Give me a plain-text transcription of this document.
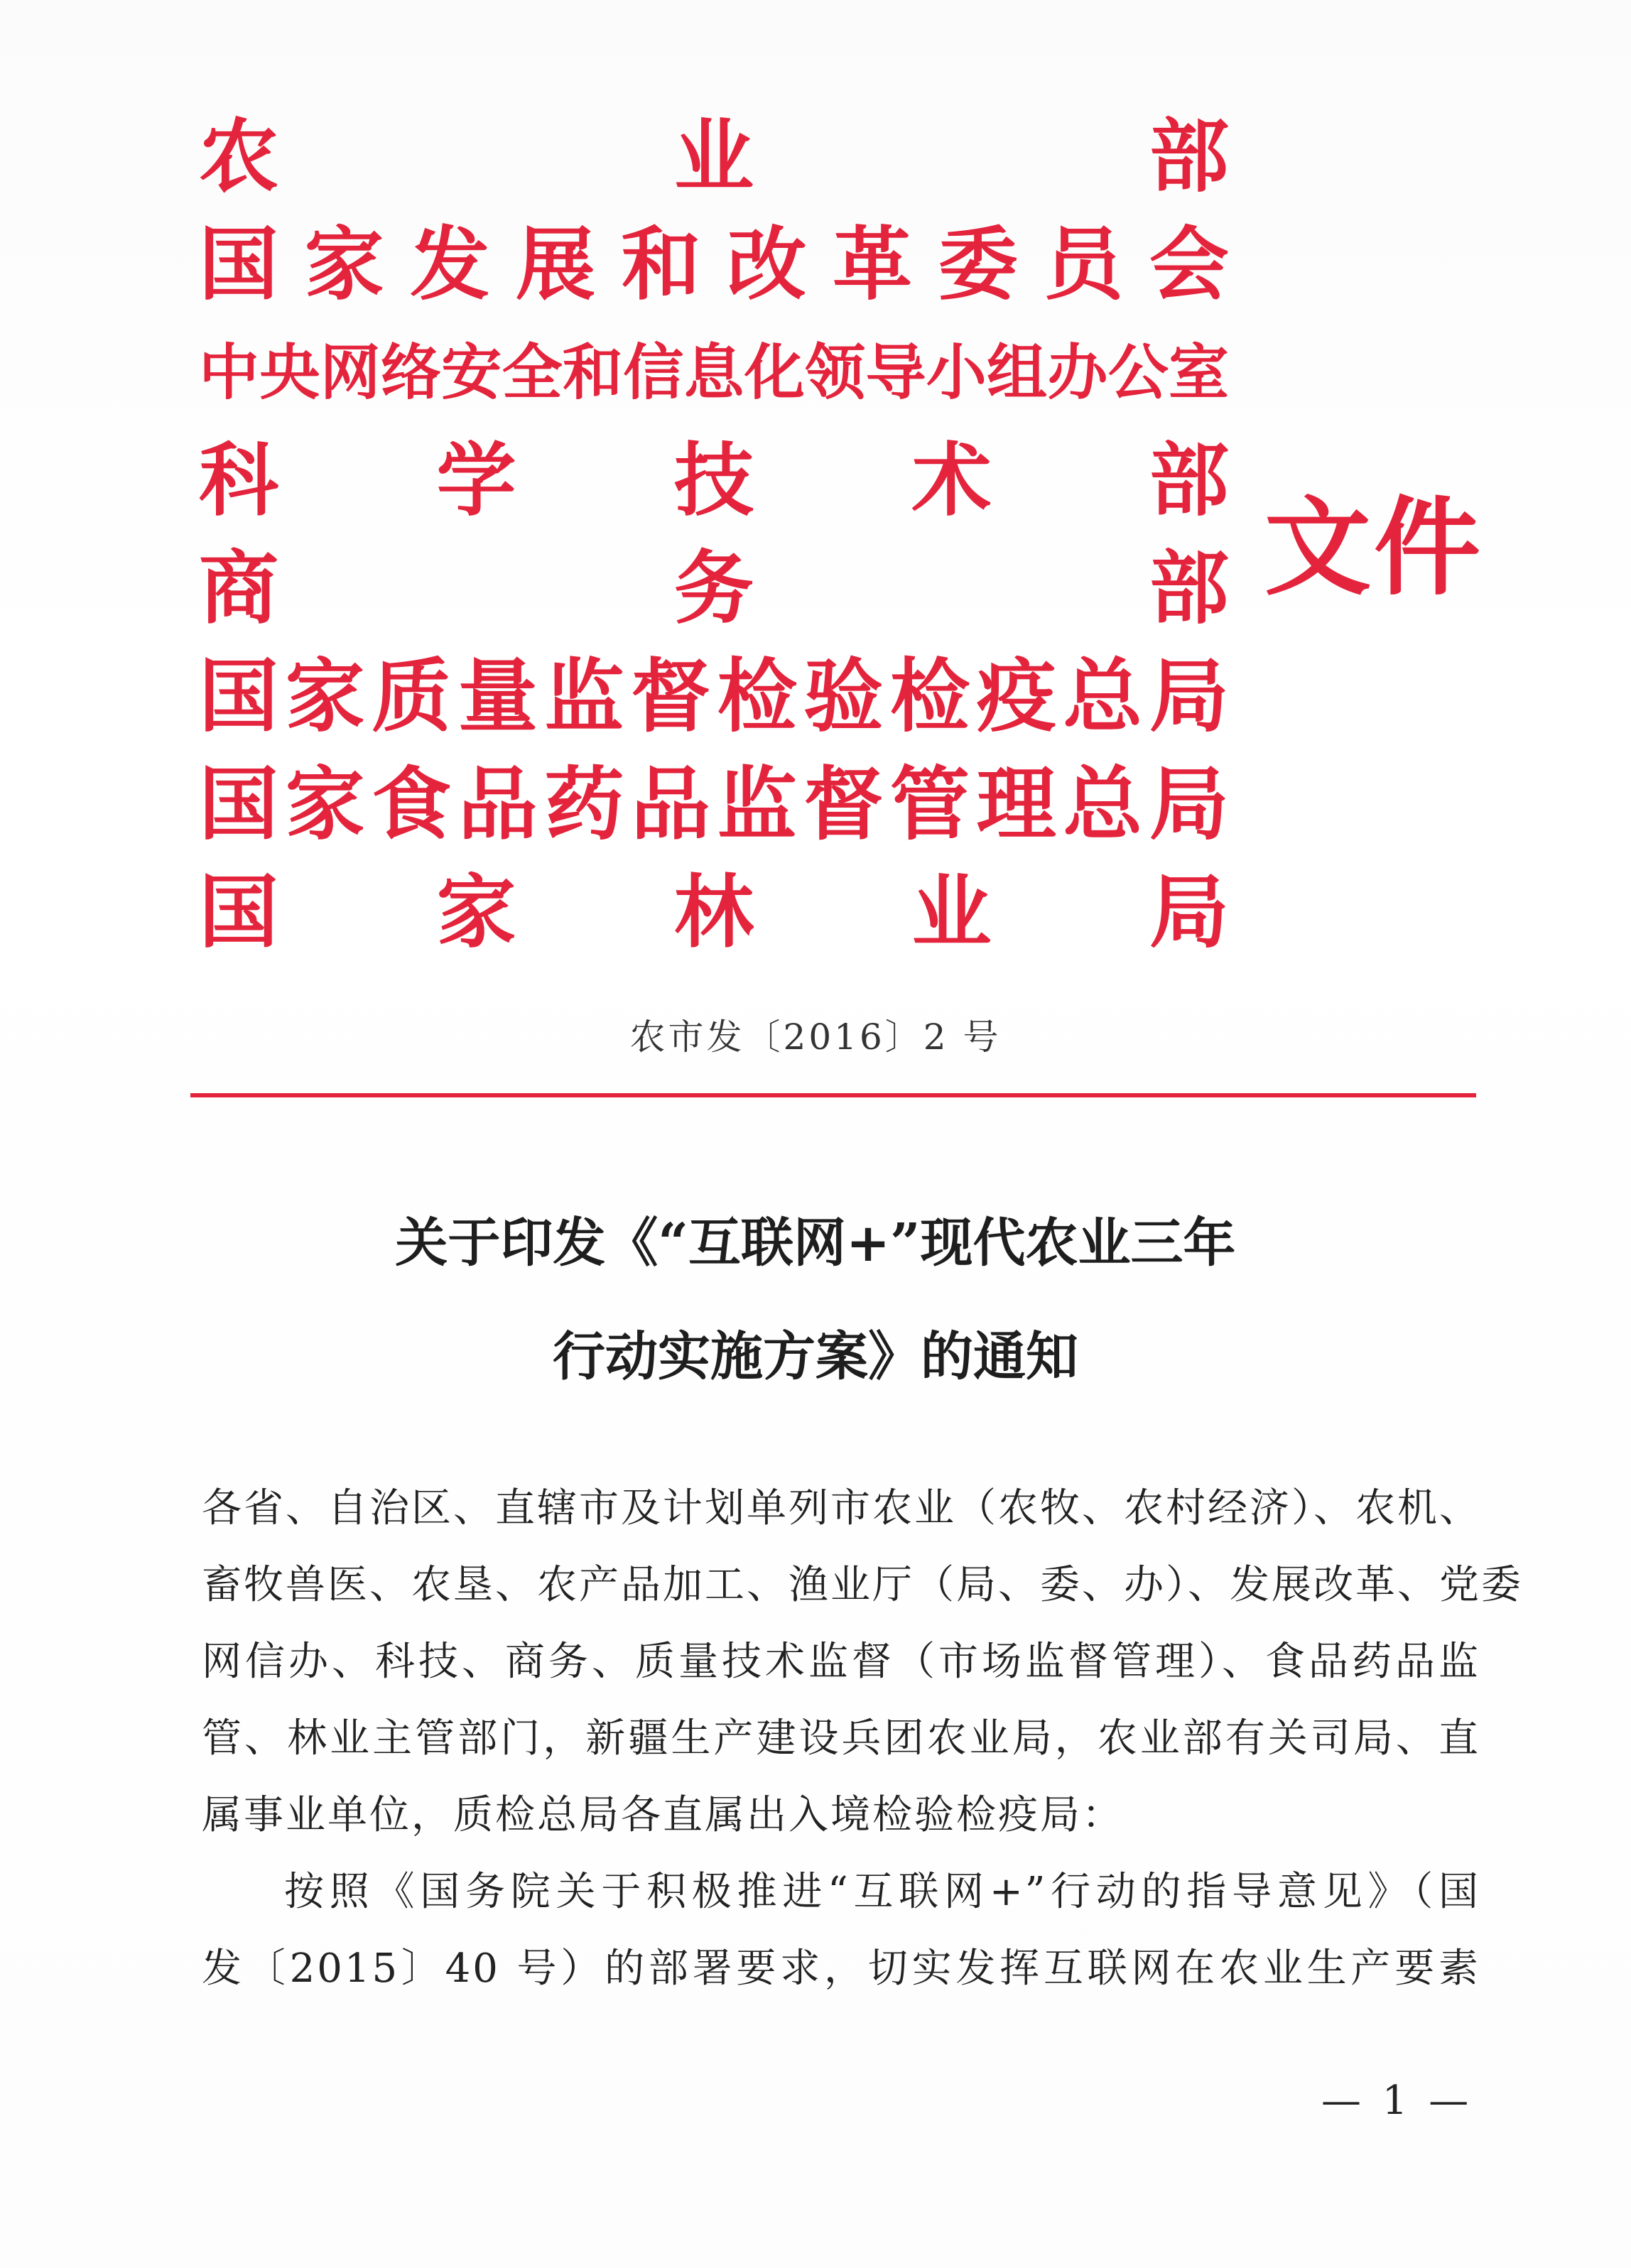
农	业	部
国 家 发 展 和 改 革 委 员 会
中 央 网 络 安 全 和 信 息 化 领 导 小 组 办 公 室
科 学 技 术 部
商	务	部
国 家 质 量 监 督 检 验 检 疫 总 局
国 家 食 品 药 品 监 督 管 理 总 局
国 家 林 业 局
文件
农市发〔2016〕2 号
关于印发《“互联网+”现代农业三年
行动实施方案》的通知
各省、自治区、直辖市及计划单列市农业（农牧、农村经济）、农机、
畜牧兽医、农垦、农产品加工、渔业厅（局、委、办）、发展改革、党委
网信办、科技、商务、质量技术监督（市场监督管理）、食品药品监
管、林业主管部门，新疆生产建设兵团农业局，农业部有关司局、直
属事业单位，质检总局各直属出入境检验检疫局：
按照《国务院关于积极推进“互联网+”行动的指导意见》（国
发〔2015〕40 号）的部署要求，切实发挥互联网在农业生产要素
— 1 —
